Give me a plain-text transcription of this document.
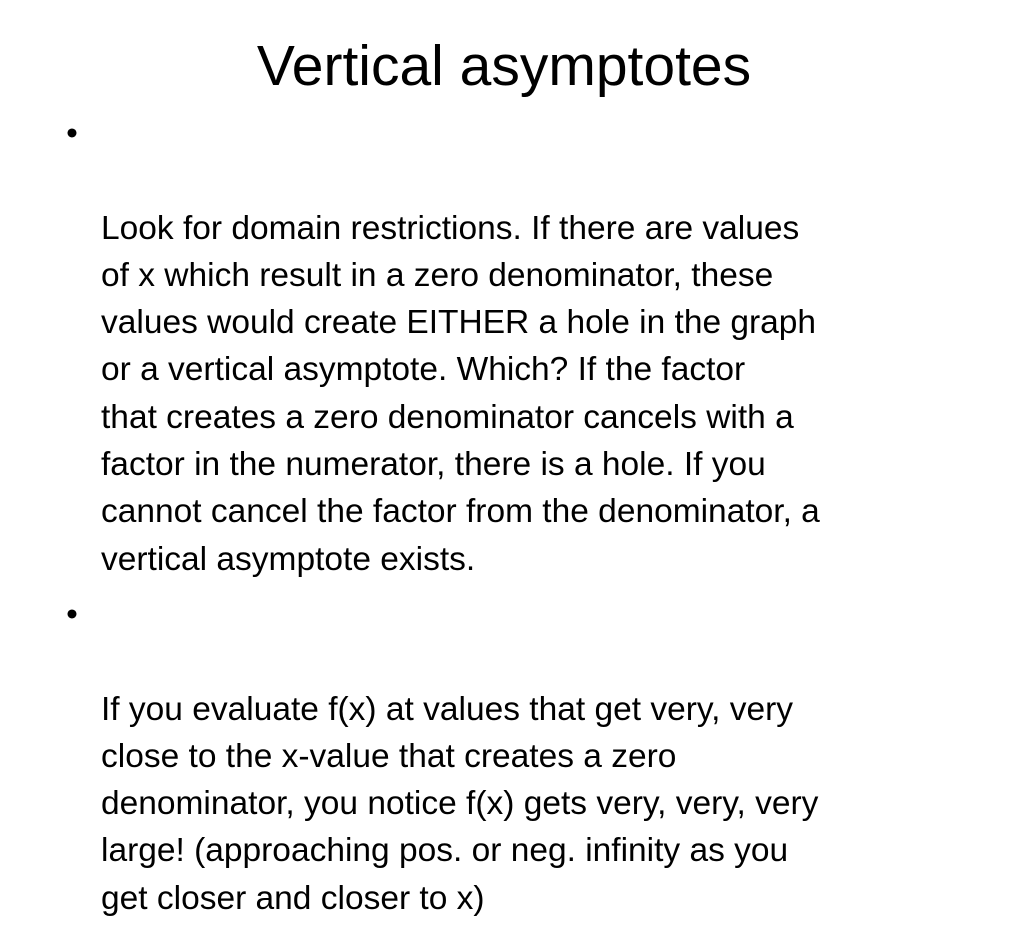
Vertical asymptotes

•

Look for domain restrictions. If there are values
of x which result in a zero denominator, these
values would create EITHER a hole in the graph
or a vertical asymptote. Which? If the factor
that creates a zero denominator cancels with a
factor in the numerator, there is a hole. If you
cannot cancel the factor from the denominator, a
vertical asymptote exists.

•

If you evaluate f(x) at values that get very, very
close to the x-value that creates a zero
denominator, you notice f(x) gets very, very, very
large! (approaching pos. or neg. infinity as you
get closer and closer to x)
